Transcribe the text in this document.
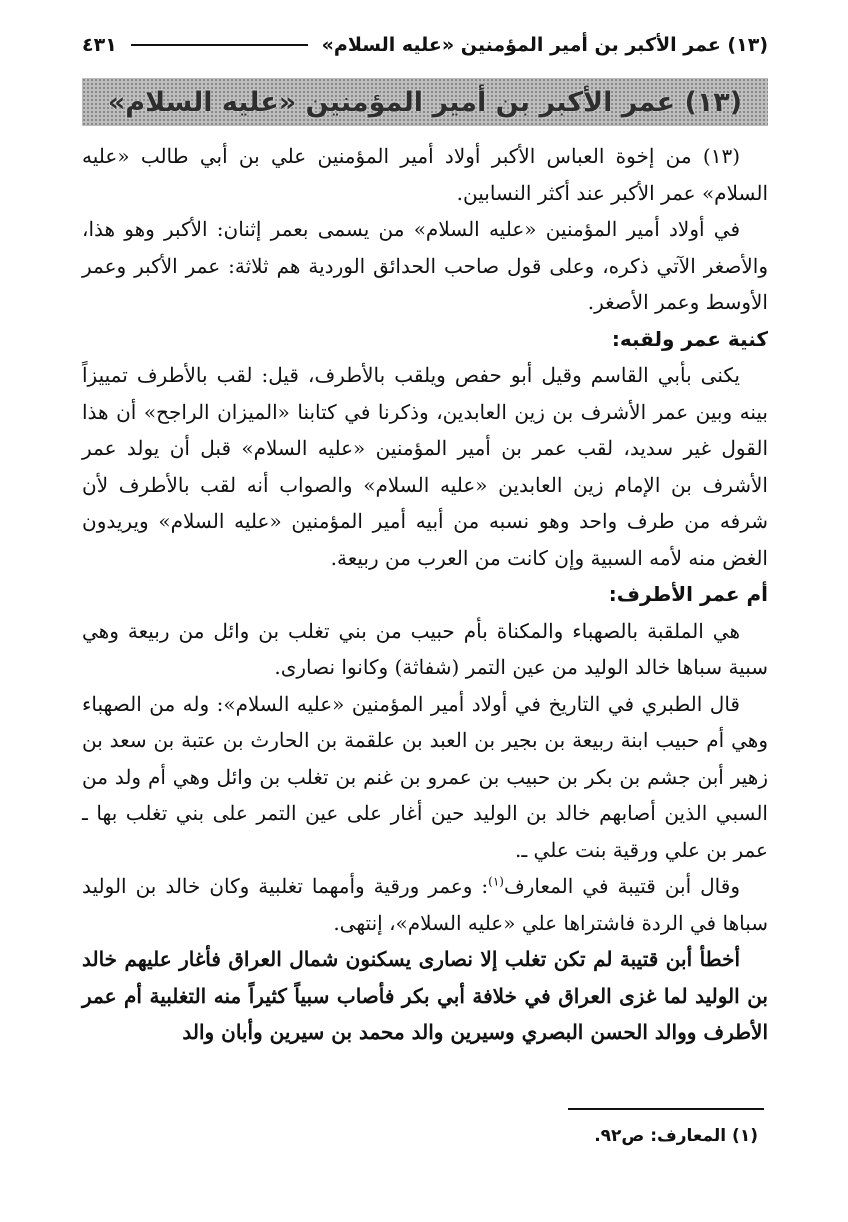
(١٣) عمر الأكبر بن أمير المؤمنين «عليه السلام»
٤٣١
(١٣) عمر الأكبر بن أمير المؤمنين «عليه السلام»

(١٣) من إخوة العباس الأكبر أولاد أمير المؤمنين علي بن أبي طالب «عليه السلام» عمر الأكبر عند أكثر النسابين.

في أولاد أمير المؤمنين «عليه السلام» من يسمى بعمر إثنان: الأكبر وهو هذا، والأصغر الآتي ذكره، وعلى قول صاحب الحدائق الوردية هم ثلاثة: عمر الأكبر وعمر الأوسط وعمر الأصغر.

كنية عمر ولقبه:

يكنى بأبي القاسم وقيل أبو حفص ويلقب بالأطرف، قيل: لقب بالأطرف تمييزاً بينه وبين عمر الأشرف بن زين العابدين، وذكرنا في كتابنا «الميزان الراجح» أن هذا القول غير سديد، لقب عمر بن أمير المؤمنين «عليه السلام» قبل أن يولد عمر الأشرف بن الإمام زين العابدين «عليه السلام» والصواب أنه لقب بالأطرف لأن شرفه من طرف واحد وهو نسبه من أبيه أمير المؤمنين «عليه السلام» ويريدون الغض منه لأمه السبية وإن كانت من العرب من ربيعة.

أم عمر الأطرف:

هي الملقبة بالصهباء والمكناة بأم حبيب من بني تغلب بن وائل من ربيعة وهي سبية سباها خالد الوليد من عين التمر (شفاثة) وكانوا نصارى.

قال الطبري في التاريخ في أولاد أمير المؤمنين «عليه السلام»: وله من الصهباء وهي أم حبيب ابنة ربيعة بن بجير بن العبد بن علقمة بن الحارث بن عتبة بن سعد بن زهير أبن جشم بن بكر بن حبيب بن عمرو بن غنم بن تغلب بن وائل وهي أم ولد من السبي الذين أصابهم خالد بن الوليد حين أغار على عين التمر على بني تغلب بها ـ عمر بن علي ورقية بنت علي ـ.

وقال أبن قتيبة في المعارف$^{(١)}$: وعمر ورقية وأمهما تغلبية وكان خالد بن الوليد سباها في الردة فاشتراها علي «عليه السلام»، إنتهى.

أخطأ أبن قتيبة لم تكن تغلب إلا نصارى يسكنون شمال العراق فأغار عليهم خالد بن الوليد لما غزى العراق في خلافة أبي بكر فأصاب سبياً كثيراً منه التغلبية أم عمر الأطرف ووالد الحسن البصري وسيرين والد محمد بن سيرين وأبان والد

(١) المعارف: ص٩٢.
